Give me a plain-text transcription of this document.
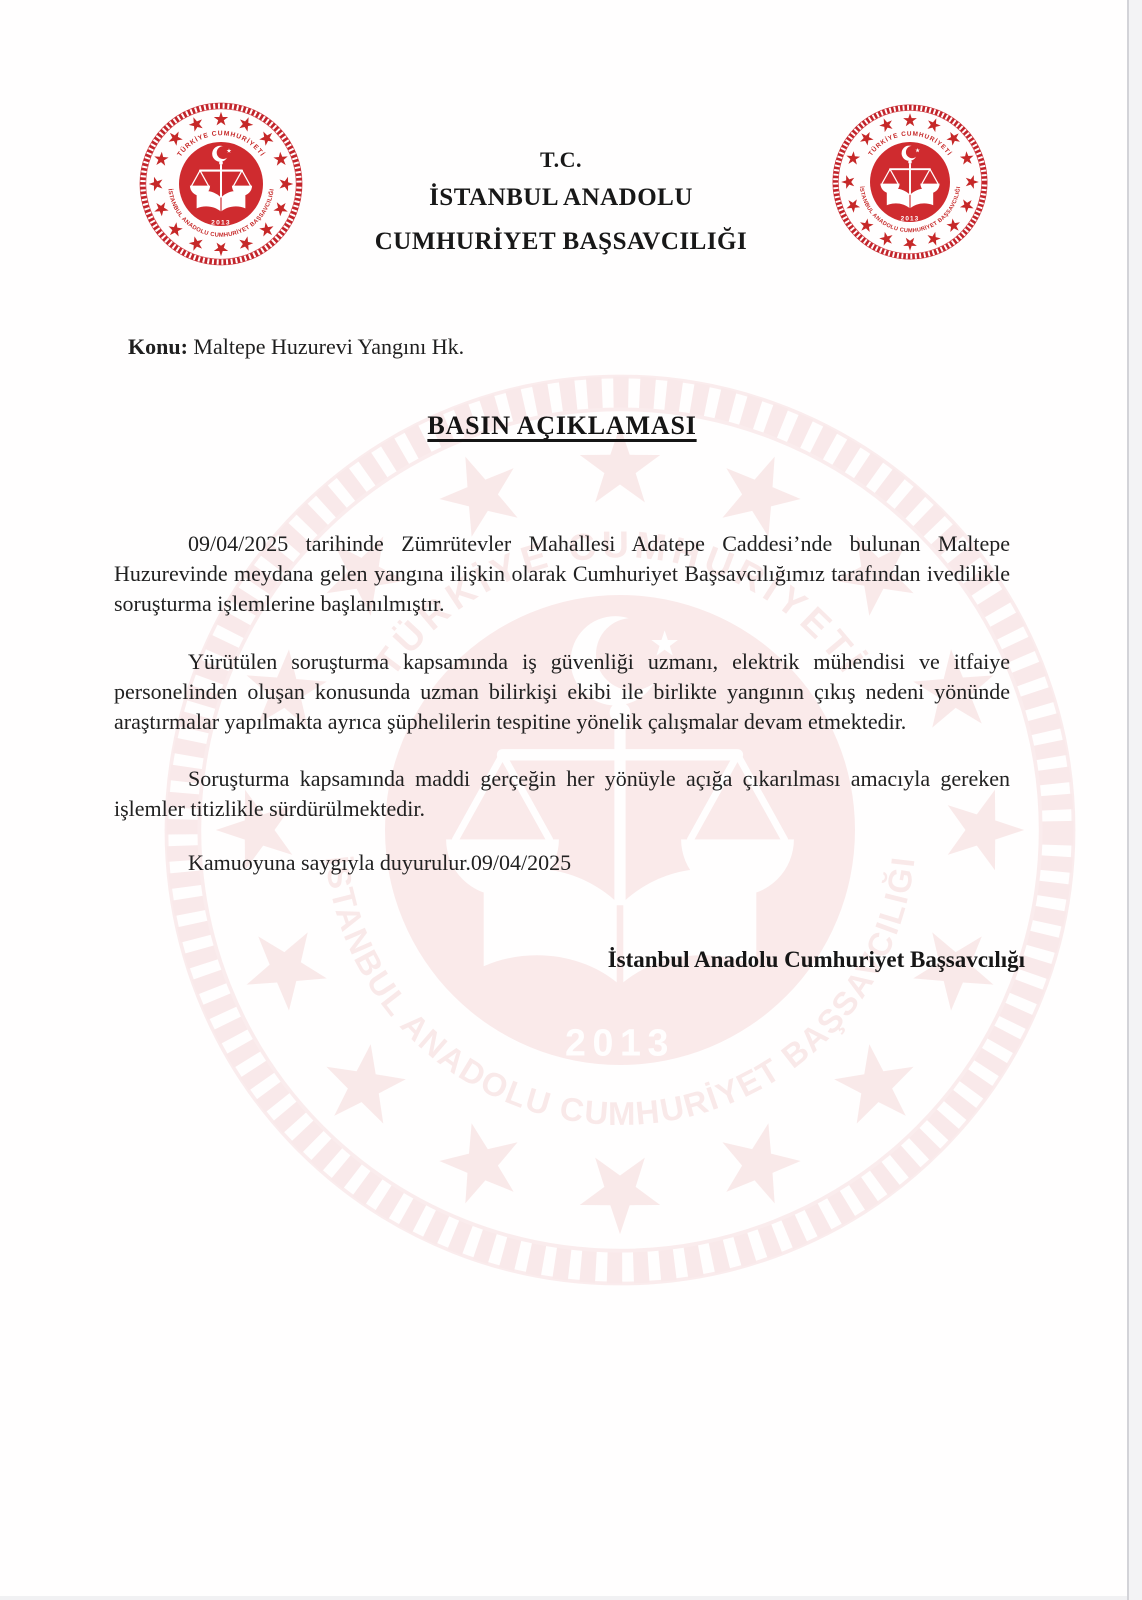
T.C.
İSTANBUL ANADOLU
CUMHURİYET BAŞSAVCILIĞI
Konu: Maltepe Huzurevi Yangını Hk.
BASIN AÇIKLAMASI

09/04/2025 tarihinde Zümrütevler Mahallesi Adatepe Caddesi’nde bulunan Maltepe Huzurevinde meydana gelen yangına ilişkin olarak Cumhuriyet Başsavcılığımız tarafından ivedilikle soruşturma işlemlerine başlanılmıştır.

Yürütülen soruşturma kapsamında iş güvenliği uzmanı, elektrik mühendisi ve itfaiye personelinden oluşan konusunda uzman bilirkişi ekibi ile birlikte yangının çıkış nedeni yönünde araştırmalar yapılmakta ayrıca şüphelilerin tespitine yönelik çalışmalar devam etmektedir.

Soruşturma kapsamında maddi gerçeğin her yönüyle açığa çıkarılması amacıyla gereken işlemler titizlikle sürdürülmektedir.

Kamuoyuna saygıyla duyurulur.09/04/2025

İstanbul Anadolu Cumhuriyet Başsavcılığı
